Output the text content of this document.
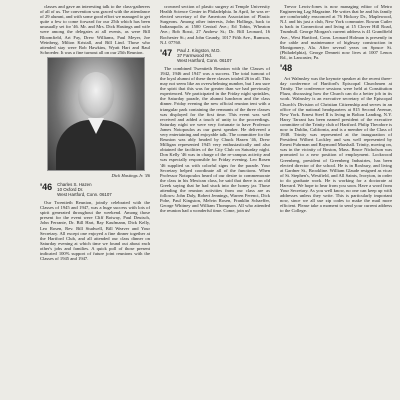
classes and gave an interesting talk to the class-gatherers of all of us. The convention was graced with the attendance of 29 alumni, and with some good effort we managed to get quite a few to come forward for our 25th which has been unusually set for '46. Mr. and Mrs. Dick Hastings and wife were among the delegates at all events, as were Bill Bloomfield, Art Fay, Drew Williams, Paul Meyer, Joe Weinberg, Milton Kristall, and Bill Lind. Those who attended stay were Bob Hawkins, Wyatt Hart and Raul Schroeder. It was a fine turnout all on our 25th Reunion.

Dick Hastings Jr. '46
'46 Charles S. Hazen
10 Oxford Dr.
West Hartford, Conn. 06107

Our Twentieth Reunion, jointly celebrated with the Classes of 1945 and 1947, was a huge success with lots of spirit generated throughout the weekend. Among those present for the event were Cliff Botway, Paul Deutsch, John Ferrante, Dr. Bill Hart, Ray Kaufmann, Dick Kelly, Leo Rosen, Rev. Bill Studwell, Bill Weaver and Your Secretary. All except one enjoyed a fine dinner together at the Hartford Club, and all attended our class dinner on Saturday evening at which time we found out about each other's jobs and families. A quick poll of those present indicated 100% support of future joint reunions with the Classes of 1945 and 1947.

crowned section of plastic surgery at Temple University Health Science Center in Philadelphia. In April, he was re-elected secretary of the American Association of Plastic Surgeons. Among other interests, John Hollings, back to Indianapolis at 1500 Central Ave.; Ed Tobin, Wheaton Ave.; Bob Rossi, 27 Andrew St.; Dr. Bill Leonard, 16 Rochester St.; and John Grundy, 1017 Fifth Ave., Rumson, N.J. 07760.

'47 Paul J. Kingston, M.D.
37 Farmwood Rd.
West Hartford, Conn. 06107

The combined Twentieth Reunion with the Classes of 1942, 1946 and 1947 was a success. The total turnout of the loyal alumni of these three classes totaled 26 in all. This may not seem like an overwhelming number, but I am sure the spirit that this was far greater than we had previously experienced. We participated in the Friday night sprinkles, the Saturday parade, the alumni luncheon and the class dinner. Friday evening the new official reunion tent with a triangular park containing the remnants of the three classes was displayed for the first time. This event was well received and added a touch of unity to the proceedings. Saturday night we were very fortunate to have Professor James Notopoulos as our guest speaker. He delivered a very entertaining and enjoyable talk. The committee for the Reunion was ably headed by Chuck Hazen '46, Drew Milligan represented 1945 very enthusiastically and also obtained the facilities of the City Club on Saturday night. Don Kelly '46 was in charge of the re-campus activity and was especially responsible for Friday evening. Leo Rosen '46 supplied us with colorful signs for the parade. Your Secretary helped coordinate all of the functions. When Professor Notopoulos heard of our desire to commemorate the class in his Mexican class, he said that there is an old Greek saying that he had stuck into the honey jar. Those attending the reunion activities from our class are as follows: John Daly, Robert Jennings, Warren Ferenci, Dick Pohe, Paul Kingston, Melvin Rosen, Franklin Schaeffer, George Whitney and William Thompson. All who attended the reunion had a wonderful time. Come, join us!

Trevor Lewis-Jones is now managing editor of Metro Engineering Lag Magazine. He writes that he and his family are comfortably ensconced at 76 Hickory Dr., Maplewood, N.J. and his just a club, New York commuter. Rowan Cutler is back in Connecticut and living at 15 Clover Hill Road, Trumbull. George Morgan's current address is 41 Grandfield Ave., West Hartford, Conn. Leonard Holman is presently in the cable and maintenance of highway construction in Montgomery, Ala. After several years on Spruce St. (Philadelphia), George Dennett now lives at 1007 Lenox Rd., in Lancaster, Pa.

'48

Art Walmsley was the keynote speaker at the recent three-day conference of Hartford's Episcopal Churchmen at Trinity. The conference sessions were held at Constitution Plaza, discussing how the Church can do a better job in its work. Walmsley is an executive secretary of the Episcopal Church's Division of Christian Citizenship and serves in an office of the national headquarters at 815 Second Avenue, New York. Ernest Steel II is living in Bolton Landing, N.Y. Harry Tarrant has been named president of the executive committee of the Trinity club of Hartford. Philip Theodore is now in Dublin, California, and is a member of the Class of 1948. Trinity was represented at the inauguration of President Wilbert Lockley and was well represented by Ernest Fuhrman and Raymond Marshall. Trinity, moving on, was in the vicinity of Boston, Mass. Bruce Nicholson was promoted to a new position of employment. Lockwood Greenberg, president of Greenberg Industries, has been elected director of the school. He is in Roxbury, and living at Gardner St., Brookline. William Glaude resigned as vicar of St. Stephen's, Westfield, and All Saints, Ivoryton, in order to do graduate work. He is working for a doctorate at Harvard. We hope to hear from you soon. Have a word from Your Secretary. As you well know, no one can keep up with addresses unless they write. This is particularly important now, since we all use zip codes to make the mail more efficient. Please take a moment to send your current address to the College.
